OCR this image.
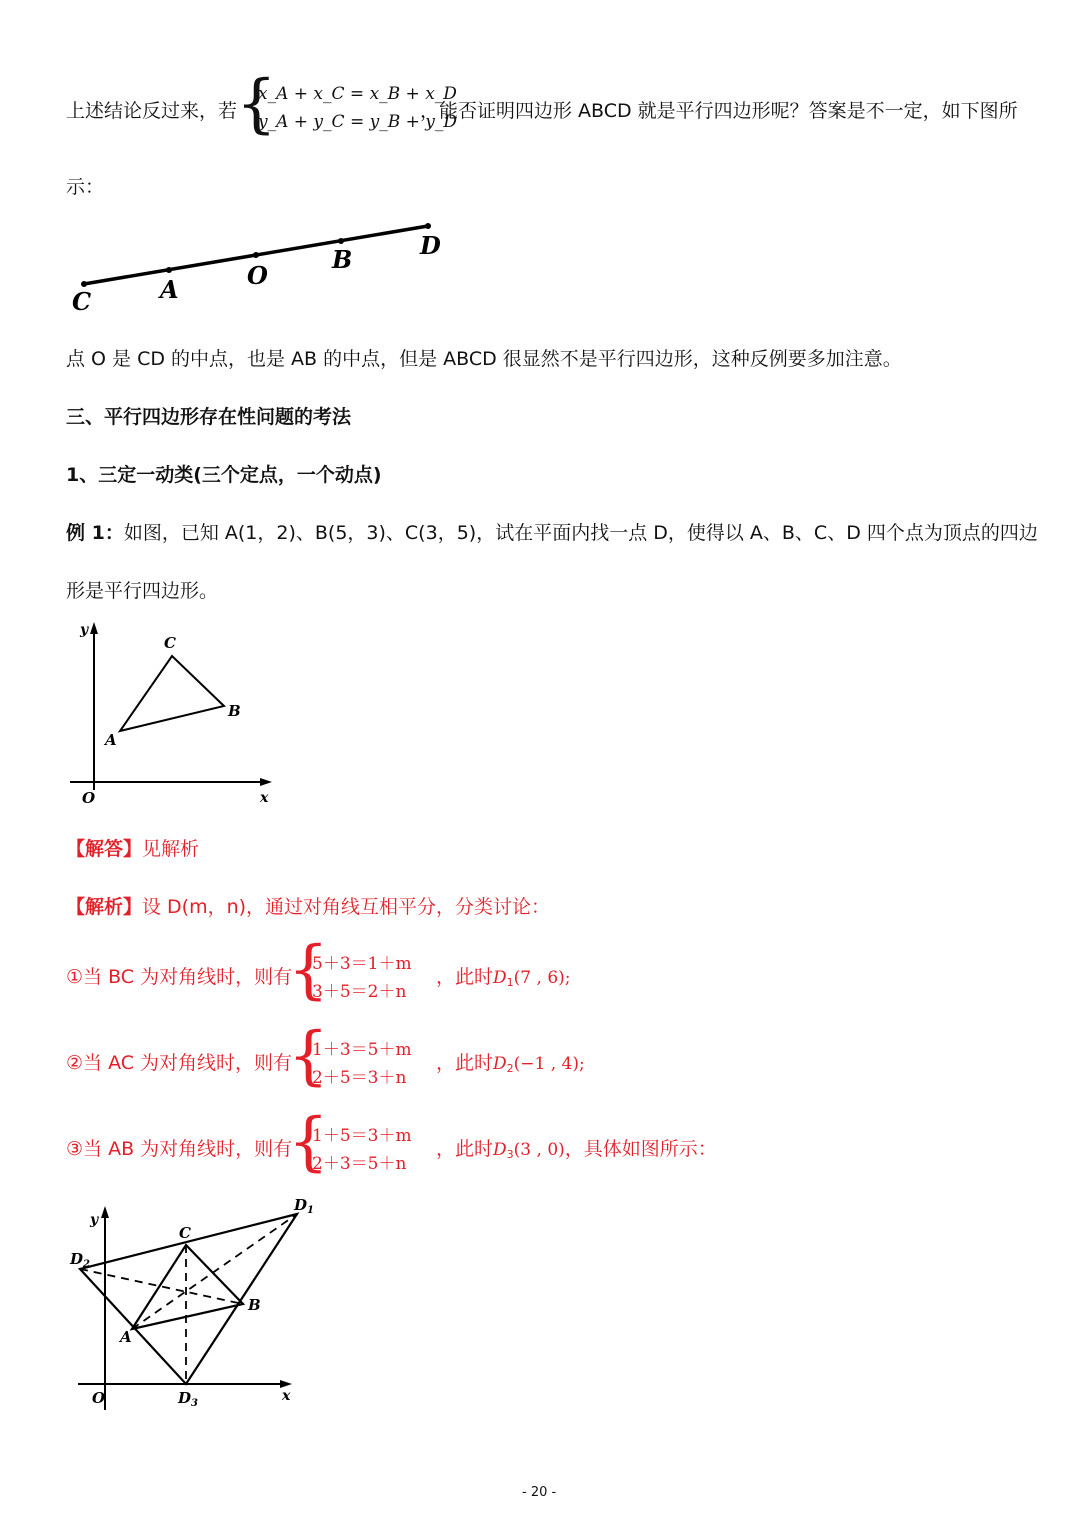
上述结论反过来，若
{
x_A + x_C = x_B + x_D
y_A + y_C = y_B + y_D
，能否证明四边形 ABCD 就是平行四边形呢？答案是不一定，如下图所
示：
C	A	O
B	D
点 O 是 CD 的中点，也是 AB 的中点，但是 ABCD 很显然不是平行四边形，这种反例要多加注意。
三、平行四边形存在性问题的考法
1、三定一动类(三个定点，一个动点)
例 1：如图，已知 A(1，2)、B(5，3)、C(3，5)，试在平面内找一点 D，使得以 A、B、C、D 四个点为顶点的四边
形是平行四边形。
y
C
B
A
O	x
【解答】见解析
【解析】设 D(m，n)，通过对角线互相平分，分类讨论：
①当 BC 为对角线时，则有
{
5＋3＝1＋m
3＋5＝2＋n
，此时$D_1(7$ , 6);
②当 AC 为对角线时，则有
{
1＋3＝5＋m
2＋5＝3＋n
，此时$D_2(-1$ , 4);
③当 AB 为对角线时，则有
{
1＋5＝3＋m
2＋3＝5＋n
，此时$D_3(3$ , 0)，具体如图所示：
y
$D_1$
$D_2$
C
B
A
O	$D_3$	x
- 20 -
